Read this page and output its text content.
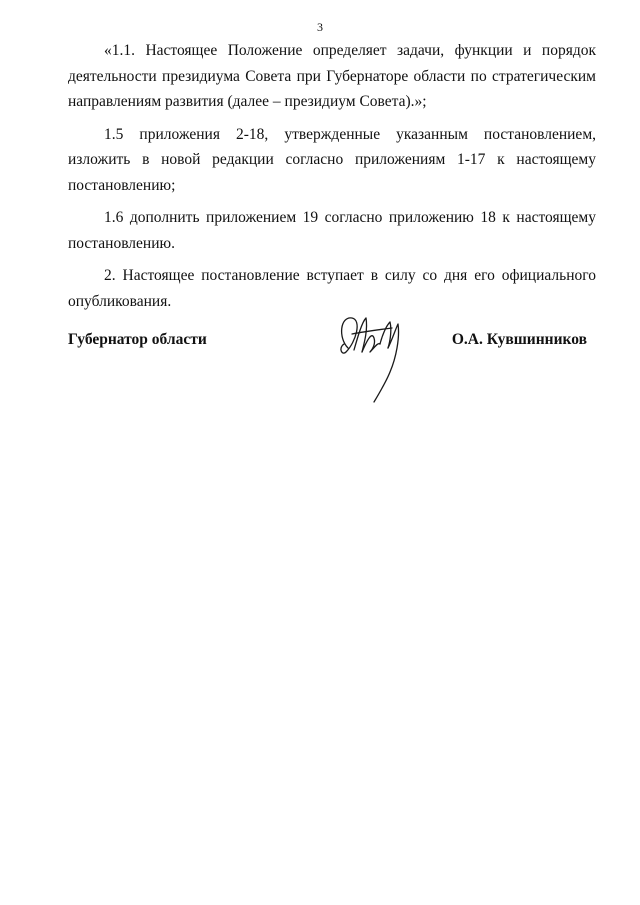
3

«1.1. Настоящее Положение определяет задачи, функции и порядок деятельности президиума Совета при Губернаторе области по стратегическим направлениям развития (далее – президиум Совета).»;

1.5 приложения 2-18, утвержденные указанным постановлением, изложить в новой редакции согласно приложениям 1-17 к настоящему постановлению;

1.6 дополнить приложением 19 согласно приложению 18 к настоящему постановлению.

2. Настоящее постановление вступает в силу со дня его официального опубликования.

Губернатор области	О.А. Кувшинников
